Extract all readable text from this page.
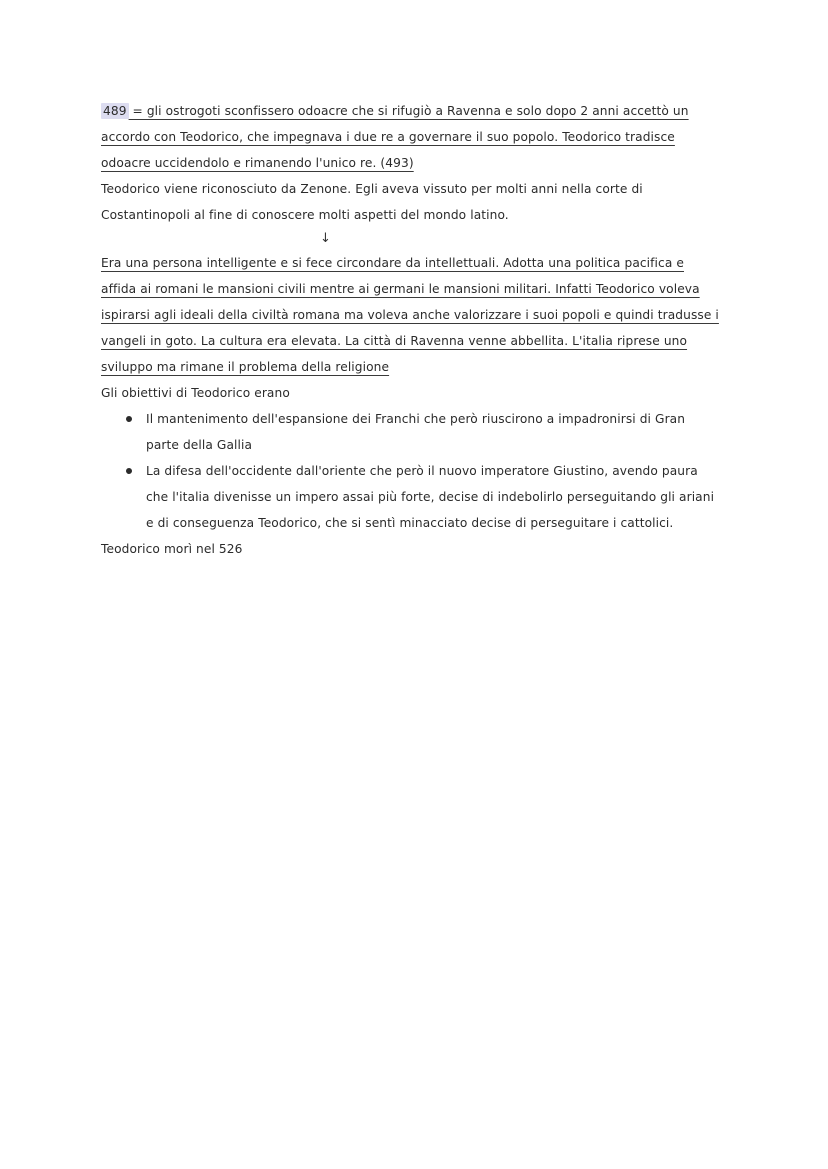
489 = gli ostrogoti sconfissero odoacre che si rifugiò a Ravenna e solo dopo 2 anni accettò un
accordo con Teodorico, che impegnava i due re a governare il suo popolo. Teodorico tradisce
odoacre uccidendolo e rimanendo l'unico re. (493)
Teodorico viene riconosciuto da Zenone. Egli aveva vissuto per molti anni nella corte di
Costantinopoli al fine di conoscere molti aspetti del mondo latino.
↓
Era una persona intelligente e si fece circondare da intellettuali. Adotta una politica pacifica e
affida ai romani le mansioni civili mentre ai germani le mansioni militari. Infatti Teodorico voleva
ispirarsi agli ideali della civiltà romana ma voleva anche valorizzare i suoi popoli e quindi tradusse i
vangeli in goto. La cultura era elevata. La città di Ravenna venne abbellita. L'italia riprese uno
sviluppo ma rimane il problema della religione
Gli obiettivi di Teodorico erano
Il mantenimento dell'espansione dei Franchi che però riuscirono a impadronirsi di Gran
parte della Gallia
La difesa dell'occidente dall'oriente che però il nuovo imperatore Giustino, avendo paura
che l'italia divenisse un impero assai più forte, decise di indebolirlo perseguitando gli ariani
e di conseguenza Teodorico, che si sentì minacciato decise di perseguitare i cattolici.
Teodorico morì nel 526
